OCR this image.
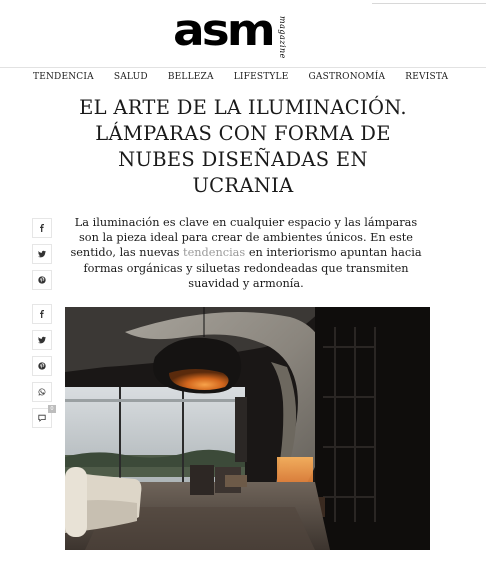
asm magazine
TENDENCIA SALUD BELLEZA LIFESTYLE GASTRONOMÍA REVISTA
EL ARTE DE LA ILUMINACIÓN. LÁMPARAS CON FORMA DE NUBES DISEÑADAS EN UCRANIA
0

La iluminación es clave en cualquier espacio y las lámparas son la pieza ideal para crear de ambientes únicos. En este sentido, las nuevas tendencias en interiorismo apuntan hacia formas orgánicas y siluetas redondeadas que transmiten suavidad y armonía.
